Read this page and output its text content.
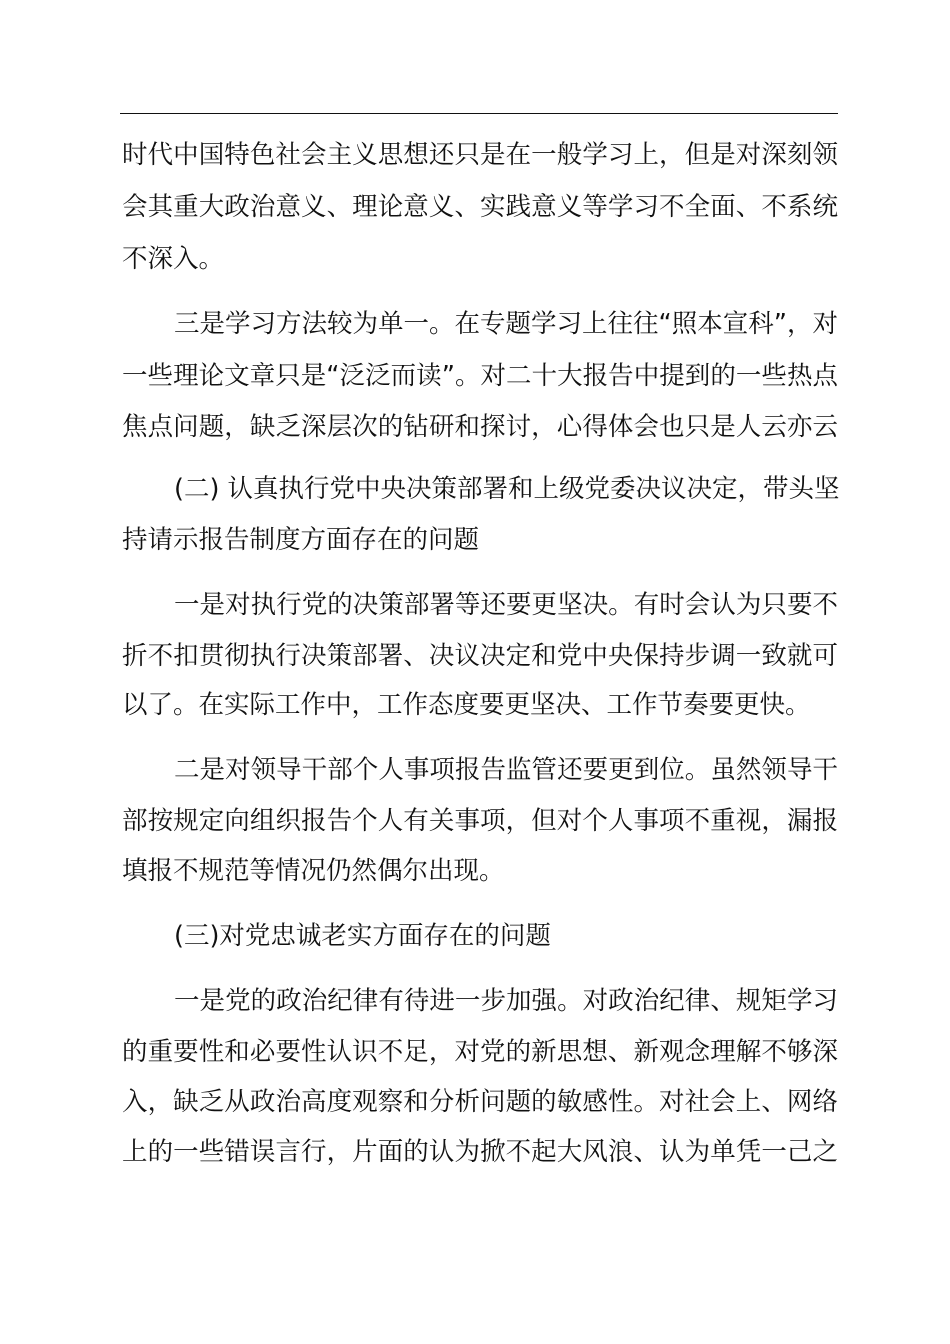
时代中国特色社会主义思想还只是在一般学习上，但是对深刻领
会其重大政治意义、理论意义、实践意义等学习不全面、不系统
不深入。
三是学习方法较为单一。在专题学习上往往“照本宣科”，对
一些理论文章只是“泛泛而读”。对二十大报告中提到的一些热点
焦点问题，缺乏深层次的钻研和探讨，心得体会也只是人云亦云
(二) 认真执行党中央决策部署和上级党委决议决定，带头坚
持请示报告制度方面存在的问题
一是对执行党的决策部署等还要更坚决。有时会认为只要不
折不扣贯彻执行决策部署、决议决定和党中央保持步调一致就可
以了。在实际工作中，工作态度要更坚决、工作节奏要更快。
二是对领导干部个人事项报告监管还要更到位。虽然领导干
部按规定向组织报告个人有关事项，但对个人事项不重视，漏报
填报不规范等情况仍然偶尔出现。
(三)对党忠诚老实方面存在的问题
一是党的政治纪律有待进一步加强。对政治纪律、规矩学习
的重要性和必要性认识不足，对党的新思想、新观念理解不够深
入，缺乏从政治高度观察和分析问题的敏感性。对社会上、网络
上的一些错误言行，片面的认为掀不起大风浪、认为单凭一己之
